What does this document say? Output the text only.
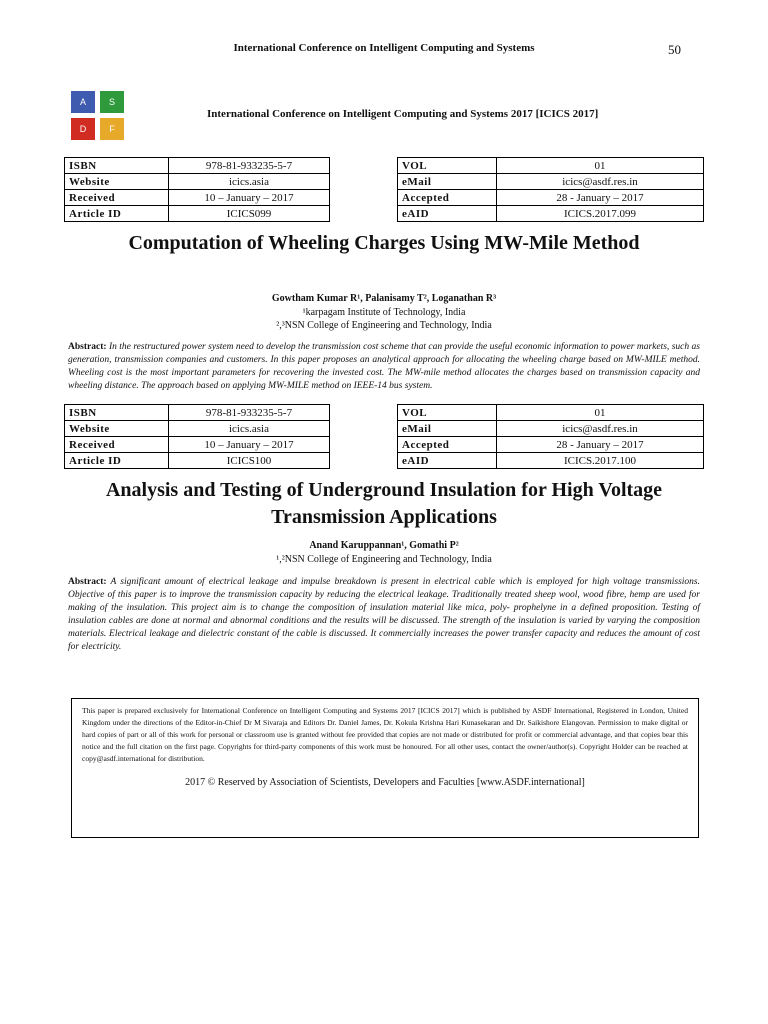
International Conference on Intelligent Computing and Systems	50
A	S
D	F
International Conference on Intelligent Computing and Systems 2017 [ICICS 2017]
ISBN	978-81-933235-5-7
Website	icics.asia
Received	10 – January – 2017
Article ID	ICICS099
VOL	01
eMail	icics@asdf.res.in
Accepted	28 - January – 2017
eAID	ICICS.2017.099
Computation of Wheeling Charges Using MW-Mile Method
Gowtham Kumar R¹, Palanisamy T², Loganathan R³
¹karpagam Institute of Technology, India
²,³NSN College of Engineering and Technology, India
Abstract: In the restructured power system need to develop the transmission cost scheme that can provide the useful economic information to power markets, such as generation, transmission companies and customers. In this paper proposes an analytical approach for allocating the wheeling charge based on MW-MILE method. Wheeling cost is the most important parameters for recovering the invested cost. The MW-mile method allocates the charges based on transmission capacity and wheeling distance. The approach based on applying MW-MILE method on IEEE-14 bus system.
ISBN	978-81-933235-5-7
Website	icics.asia
Received	10 – January – 2017
Article ID	ICICS100
VOL	01
eMail	icics@asdf.res.in
Accepted	28 - January – 2017
eAID	ICICS.2017.100
Analysis and Testing of Underground Insulation for High Voltage Transmission Applications
Anand Karuppannan¹, Gomathi P²
¹,²NSN College of Engineering and Technology, India
Abstract: A significant amount of electrical leakage and impulse breakdown is present in electrical cable which is employed for high voltage transmissions. Objective of this paper is to improve the transmission capacity by reducing the electrical leakage. Traditionally treated sheep wool, wood fibre, hemp are used for making of the insulation. This project aim is to change the composition of insulation material like mica, poly- prophelyne in a defined proposition. Testing of insulation cables are done at normal and abnormal conditions and the results will be discussed. The strength of the insulation is varied by varying the composition materials. Electrical leakage and dielectric constant of the cable is discussed. It commercially increases the power transfer capacity and reduces the amount of cost for electricity.
This paper is prepared exclusively for International Conference on Intelligent Computing and Systems 2017 [ICICS 2017] which is published by ASDF International, Registered in London, United Kingdom under the directions of the Editor-in-Chief Dr M Sivaraja and Editors Dr. Daniel James, Dr. Kokula Krishna Hari Kunasekaran and Dr. Saikishore Elangovan. Permission to make digital or hard copies of part or all of this work for personal or classroom use is granted without fee provided that copies are not made or distributed for profit or commercial advantage, and that copies bear this notice and the full citation on the first page. Copyrights for third-party components of this work must be honoured. For all other uses, contact the owner/author(s). Copyright Holder can be reached at copy@asdf.international for distribution.
2017 © Reserved by Association of Scientists, Developers and Faculties [www.ASDF.international]
